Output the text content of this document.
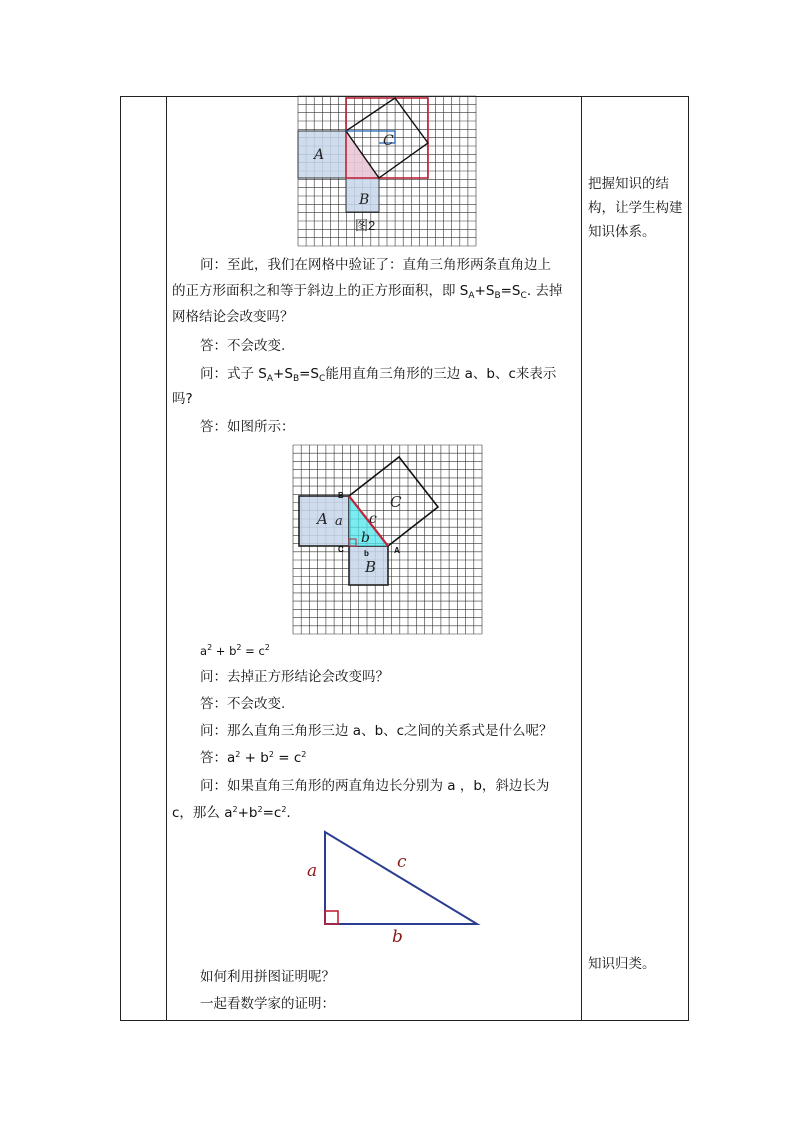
A
C
B
图2
问：至此，我们在网格中验证了：直角三角形两条直角边上
的正方形面积之和等于斜边上的正方形面积，即 $S_A+S_B=S_C$. 去掉
网格结论会改变吗？
答：不会改变.
问：式子 $S_A+S_B=S_C$能用直角三角形的三边 a、b、c来表示
吗?
答：如图所示：
A a
C
c
b
B
B
C	A
b
$a^2 + b^2 = c^2$
问：去掉正方形结论会改变吗？
答：不会改变.
问：那么直角三角形三边 a、b、c之间的关系式是什么呢？
答：$a^2 + b^2 = c^2$
问：如果直角三角形的两直角边长分别为 a ，b，斜边长为
c，那么 $a^2+b^2=c^2$.
a	c
b
如何利用拼图证明呢？
一起看数学家的证明：
把握知识的结构，让学生构建知识体系。
知识归类。
